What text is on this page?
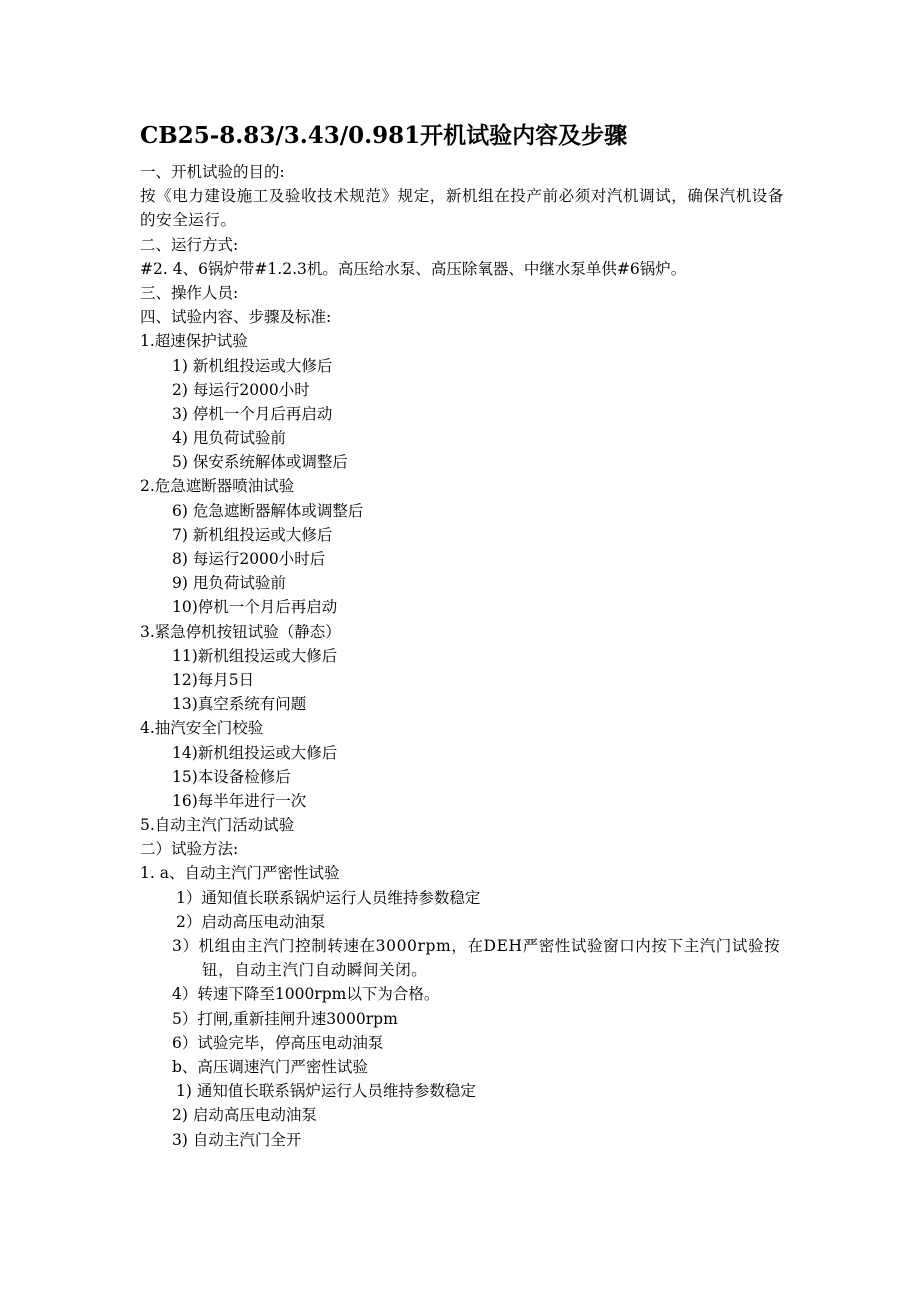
CB25-8.83/3.43/0.981开机试验内容及步骤
一、开机试验的目的:
按《电力建设施工及验收技术规范》规定，新机组在投产前必须对汽机调试，确保汽机设备的安全运行。
二、运行方式:
#2. 4、6锅炉带#1.2.3机。高压给水泵、高压除氧器、中继水泵单供#6锅炉。
三、操作人员:
四、试验内容、步骤及标准:
1.超速保护试验
1) 新机组投运或大修后
2) 每运行2000小时
3) 停机一个月后再启动
4) 甩负荷试验前
5) 保安系统解体或调整后
2.危急遮断器喷油试验
6) 危急遮断器解体或调整后
7) 新机组投运或大修后
8) 每运行2000小时后
9) 甩负荷试验前
10)停机一个月后再启动
3.紧急停机按钮试验（静态）
11)新机组投运或大修后
12)每月5日
13)真空系统有问题
4.抽汽安全门校验
14)新机组投运或大修后
15)本设备检修后
16)每半年进行一次
5.自动主汽门活动试验
二）试验方法:
1. a、自动主汽门严密性试验
1）通知值长联系锅炉运行人员维持参数稳定
2）启动高压电动油泵
3）机组由主汽门控制转速在3000rpm，在DEH严密性试验窗口内按下主汽门试验按钮，自动主汽门自动瞬间关闭。
4）转速下降至1000rpm以下为合格。
5）打闸,重新挂闸升速3000rpm
6）试验完毕，停高压电动油泵
b、高压调速汽门严密性试验
1) 通知值长联系锅炉运行人员维持参数稳定
2) 启动高压电动油泵
3) 自动主汽门全开
